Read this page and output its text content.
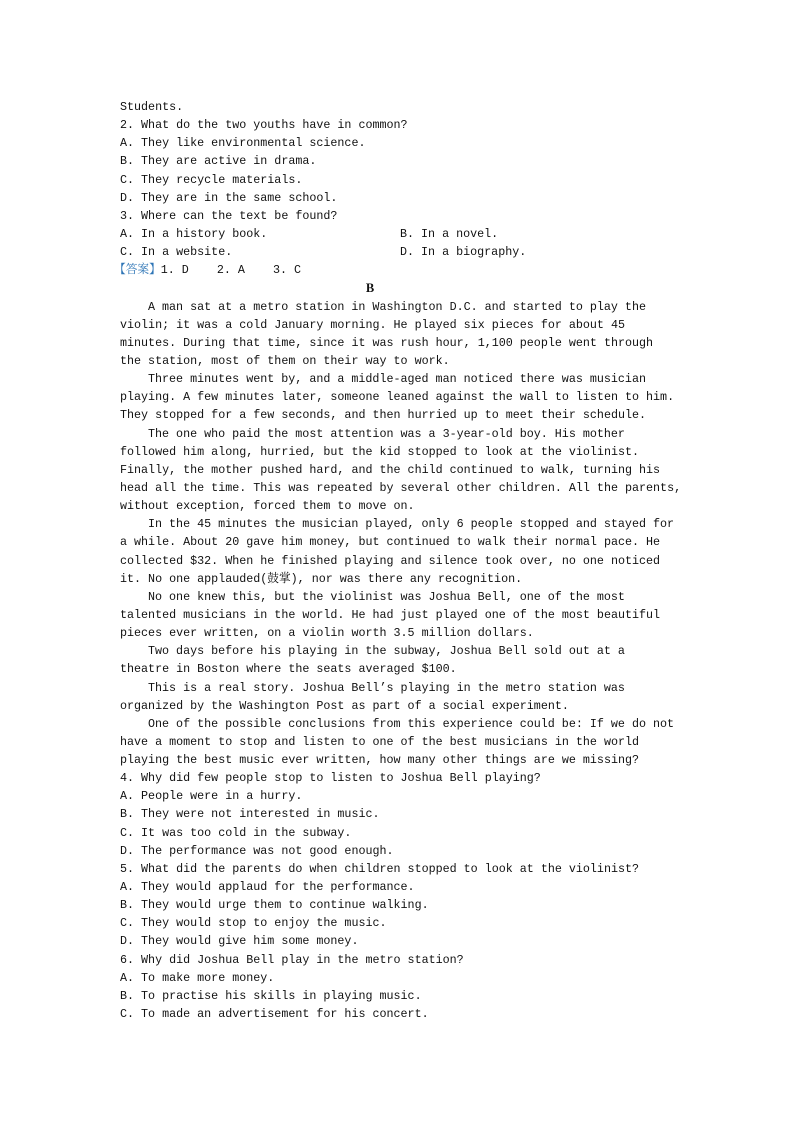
Students.
2. What do the two youths have in common?
A. They like environmental science.
B. They are active in drama.
C. They recycle materials.
D. They are in the same school.
3. Where can the text be found?
A. In a history book.	B. In a novel.
C. In a website.	D. In a biography.
【答案】1. D    2. A    3. C
B
A man sat at a metro station in Washington D.C. and started to play the
violin; it was a cold January morning. He played six pieces for about 45
minutes. During that time, since it was rush hour, 1,100 people went through
the station, most of them on their way to work.
Three minutes went by, and a middle-aged man noticed there was musician
playing. A few minutes later, someone leaned against the wall to listen to him.
They stopped for a few seconds, and then hurried up to meet their schedule.
The one who paid the most attention was a 3-year-old boy. His mother
followed him along, hurried, but the kid stopped to look at the violinist.
Finally, the mother pushed hard, and the child continued to walk, turning his
head all the time. This was repeated by several other children. All the parents,
without exception, forced them to move on.
In the 45 minutes the musician played, only 6 people stopped and stayed for
a while. About 20 gave him money, but continued to walk their normal pace. He
collected $32. When he finished playing and silence took over, no one noticed
it. No one applauded(鼓掌), nor was there any recognition.
No one knew this, but the violinist was Joshua Bell, one of the most
talented musicians in the world. He had just played one of the most beautiful
pieces ever written, on a violin worth 3.5 million dollars.
Two days before his playing in the subway, Joshua Bell sold out at a
theatre in Boston where the seats averaged $100.
This is a real story. Joshua Bell’s playing in the metro station was
organized by the Washington Post as part of a social experiment.
One of the possible conclusions from this experience could be: If we do not
have a moment to stop and listen to one of the best musicians in the world
playing the best music ever written, how many other things are we missing?
4. Why did few people stop to listen to Joshua Bell playing?
A. People were in a hurry.
B. They were not interested in music.
C. It was too cold in the subway.
D. The performance was not good enough.
5. What did the parents do when children stopped to look at the violinist?
A. They would applaud for the performance.
B. They would urge them to continue walking.
C. They would stop to enjoy the music.
D. They would give him some money.
6. Why did Joshua Bell play in the metro station?
A. To make more money.
B. To practise his skills in playing music.
C. To made an advertisement for his concert.
